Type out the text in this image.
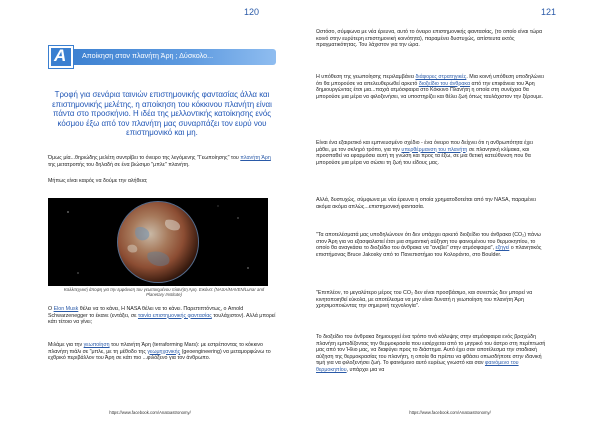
120
Αποίκηση στον πλανήτη Άρη ; Δύσκολο...
A
Τροφή για σενάρια ταινιών επιστημονικής φαντασίας άλλα και επιστημονικής μελέτης, η αποίκηση του κόκκινου πλανήτη είναι πάντα στο προσκήνιο. Η ιδέα της μελλοντικής κατοίκησης ενός κόσμου έξω από τον πλανήτη μας συναρπάζει τον ευρύ νου επιστημονικό και μη.
Όμως μία...θηριώδης μελέτη συντρίβει το όνειρο της λεγόμενης "Γεωποίησης" του πλανήτη Άρη της μετατροπής του δηλαδή σε ένα βιώσιμο "μπλε" πλανήτη.
Μήπως είναι καιρός να δούμε την αλήθεια;
Καλλιτεχνική άποψη για την εμφάνιση του γεωποιημένου πλανήτη Άρη. Εικόνα: (NASA/MAVEN/Lunar and Planetary Institute)
Ο Elon Musk θέλει να το κάνει, Η NASA θέλει να το κάνει. Παρεπιπτόντως, ο Arnold Schwarzenegger το έκανε (εντάξει, σε ταινία επιστημονικής φαντασίας τουλάχιστον). Αλλά μπορεί κάτι τέτοιο να γίνει;
Μιλάμε για την γεωποίηση του πλανήτη Άρη (terraforming Mars): με εστρέποντας το κόκκινο πλανήτη πιάλι σε "μπλε, με τη μέθοδο της γεωμηχανικής (geoengineering) να μεταμορφώνω το εχθρικό περιβάλλον του Άρη σε κάτι πιο ...φιλόξενο για τον άνθρωπο.
https://www.facebook.com/Anatoastronomy/
121
Ωστόσο, σύμφωνα με νέα έρευνα, αυτό το όνειρο επιστημονικής φαντασίας, (το οποίο είναι τώρα κοινό στην ευρύτερη επιστημονική κοινότητα), παραμένει δυστυχώς, απίστευτα εκτός πραγματικότητας. Του λάχιστον για την ώρα.
Η υπόθεση της γεωποίησης περιλαμβάνει διάφορες στρατηγικές. Μια κοινή υπόθεση υποδηλώνει ότι θα μπορούσε να απελευθερωθεί αρκετό διοξείδιο του άνθρακα από την επιφάνεια του Άρη δημιουργώντας έτσι μια...παχιά ατμόσφαιρα στο Κόκκινο Πλανήτη η οποία στη συνέχεια θα μπορούσε μια μέρα να φιλοξενήσει, να υποστηρίζει και θέλει ζωή όπως ταυλάχιστον την ξέρουμε.
Είναι ένα εξαιρετικό και εμπνευσμένο σχέδιο - ένα όνειρο που δείχνει ότι η ανθρωπότητα έχει μάθει, με τον σκληρό τρόπο, για την υπερθέρμανση του πλανήτη σε πλανητική κλίμακα, και προσπαθεί να εφαρμόσει αυτή τη γνώση και προς τα έξω, σε μια θετική κατεύθυνση που θα μπορούσε μια μέρα να σώσει τη ζωή του είδους μας.
Αλλά, δυστυχώς, σύμφωνα με νέα έρευνα η οποία χρηματοδοτείται από την NASA, παραμένει ακόμα ακόμα απλώς...επιστημονική φαντασία.
"Τα αποτελέσματά μας υποδηλώνουν ότι δεν υπάρχει αρκετό διοξείδιο του άνθρακα (CO₂) πάνω στον Άρη για να εξασφαλιστεί έτσι μια σημαντική αύξηση του φαινομένου του θερμοκηπίου, το οποίο θα αναγκάσει το διοξείδιο του άνθρακα να "ανεβει" στην ατμόσφαιρα", εξηγεί ο πλανητικός επιστήμονας Bruce Jakosky από το Πανεπιστήμιο του Κολοράντο, στο Boulder.
"Επιπλέον, το μεγαλύτερο μέρος του CO₂ δεν είναι προσβάσιμο, και συνεπώς δεν μπορεί να κινητοποιηθεί εύκολα, με αποτέλεσμα να μην είναι δυνατή η γεωποίηση του πλανήτη Άρη χρησιμοποιώντας την σημερινή τεχνολογία".
Το διοξείδιο του άνθρακα δημιουργεί ένα τρόπο τινά κάλυψης στην ατμόσφαιρα ενός βραχώδη πλανήτη εμποδίζοντας την θερμοκρασία που εισέρχεται από το μητρικό του άστρο στη περίπτωσή μας από τον Ήλιο μας, να διαφύγει προς το διάστημα. Αυτό έχει σαν αποτέλεσμα την σταδιακή αύξηση της θερμοκρασίας του πλανήτη, η οποία θα πρέπει να φθάσει οπωσδήποτε στην ιδανική τιμή για να φιλοξενήσει ζωή. Το φαινόμενο αυτό ευρέως γνωστό και σαν φαινόμενο του θερμοκηπίου, υπάρχει μια να
https://www.facebook.com/Anatoastronomy/
